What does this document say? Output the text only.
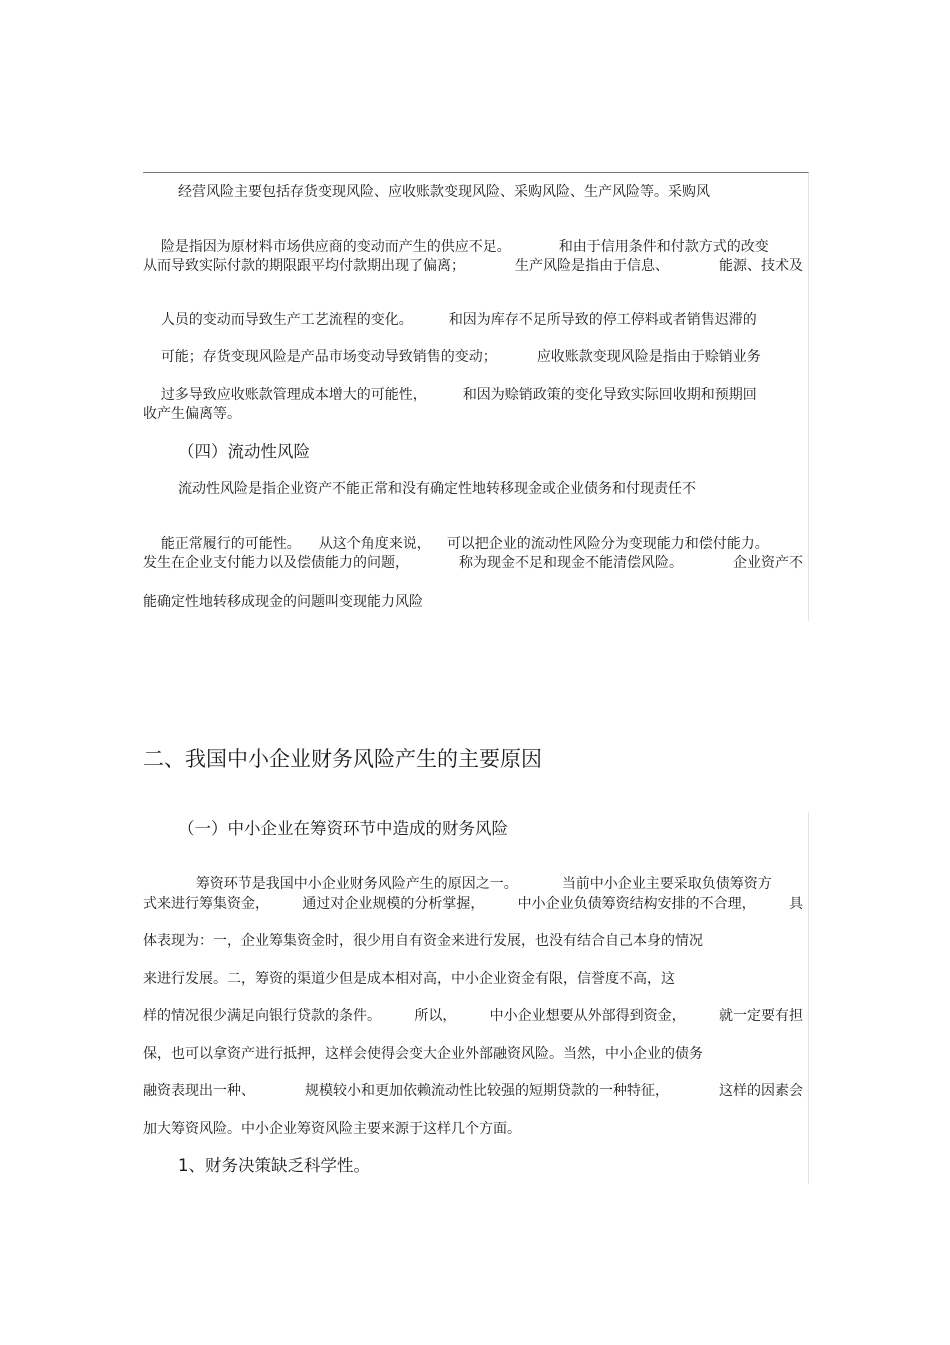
经营风险主要包括存货变现风险、应收账款变现风险、采购风险、生产风险等。采购风

险是指因为原材料市场供应商的变动而产生的供应不足。	和由于信用条件和付款方式的改变

从而导致实际付款的期限跟平均付款期出现了偏离；	生产风险是指由于信息、	能源、技术及

人员的变动而导致生产工艺流程的变化。	和因为库存不足所导致的停工停料或者销售迟滞的

可能；存货变现风险是产品市场变动导致销售的变动；	应收账款变现风险是指由于赊销业务

过多导致应收账款管理成本增大的可能性，	和因为赊销政策的变化导致实际回收期和预期回

收产生偏离等。
（四）流动性风险
流动性风险是指企业资产不能正常和没有确定性地转移现金或企业债务和付现责任不

能正常履行的可能性。 从这个角度来说， 可以把企业的流动性风险分为变现能力和偿付能力。

发生在企业支付能力以及偿债能力的问题，	称为现金不足和现金不能清偿风险。	企业资产不
能确定性地转移成现金的问题叫变现能力风险
二、我国中小企业财务风险产生的主要原因
（一）中小企业在筹资环节中造成的财务风险

筹资环节是我国中小企业财务风险产生的原因之一。	当前中小企业主要采取负债筹资方

式来进行筹集资金， 通过对企业规模的分析掌握， 中小企业负债筹资结构安排的不合理， 具
体表现为：一，企业筹集资金时，很少用自有资金来进行发展，也没有结合自己本身的情况
来进行发展。二，筹资的渠道少但是成本相对高，中小企业资金有限，信誉度不高，这
样的情况很少满足向银行贷款的条件。 所以， 中小企业想要从外部得到资金， 就一定要有担
保，也可以拿资产进行抵押，这样会使得会变大企业外部融资风险。当然，中小企业的债务
融资表现出一种、	规模较小和更加依赖流动性比较强的短期贷款的一种特征，	这样的因素会
加大筹资风险。中小企业筹资风险主要来源于这样几个方面。
1、财务决策缺乏科学性。
